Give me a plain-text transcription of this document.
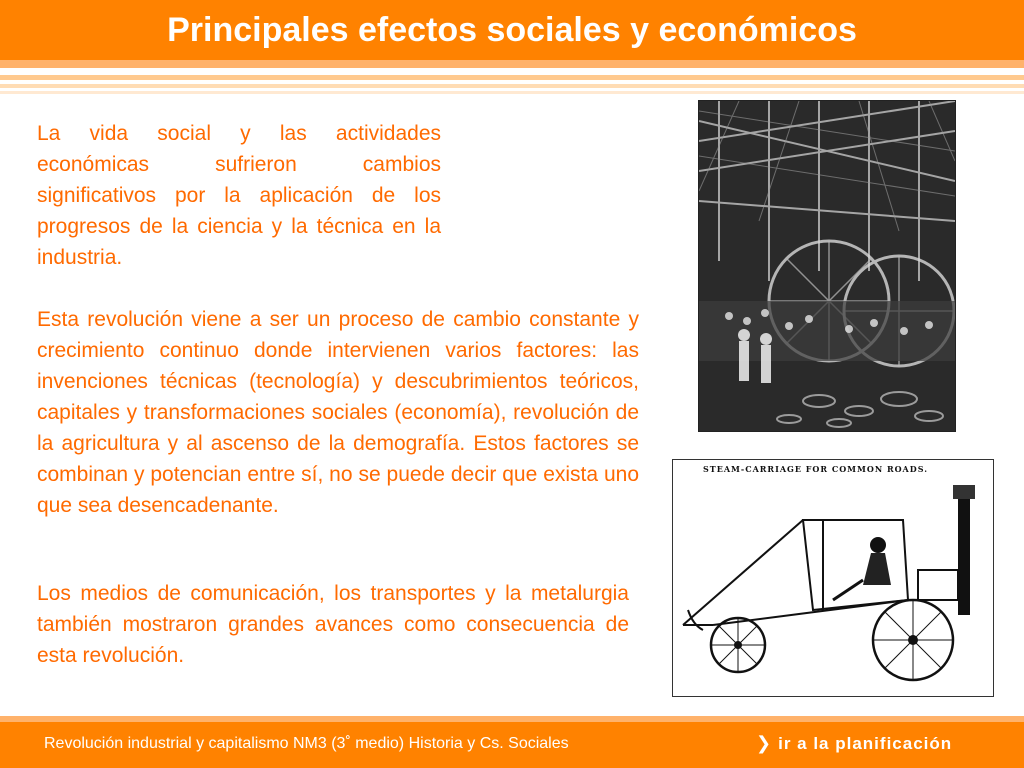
Principales efectos sociales y económicos

La vida social y las actividades económicas sufrieron cambios significativos por la aplicación de los progresos de la ciencia y la técnica en la industria.

Esta revolución viene a ser un proceso de cambio constante y crecimiento continuo donde intervienen varios factores: las invenciones técnicas (tecnología) y descubrimientos teóricos, capitales y transformaciones sociales (economía), revolución de la agricultura y al ascenso de la demografía. Estos factores se combinan y potencian entre sí, no se puede decir que exista uno que sea desencadenante.

Los medios de comunicación, los transportes y la metalurgia también mostraron grandes avances como consecuencia de esta revolución.

STEAM-CARRIAGE FOR COMMON ROADS.
Revolución industrial y capitalismo NM3 (3˚ medio) Historia y Cs. Sociales	❯ ir a la planificación
